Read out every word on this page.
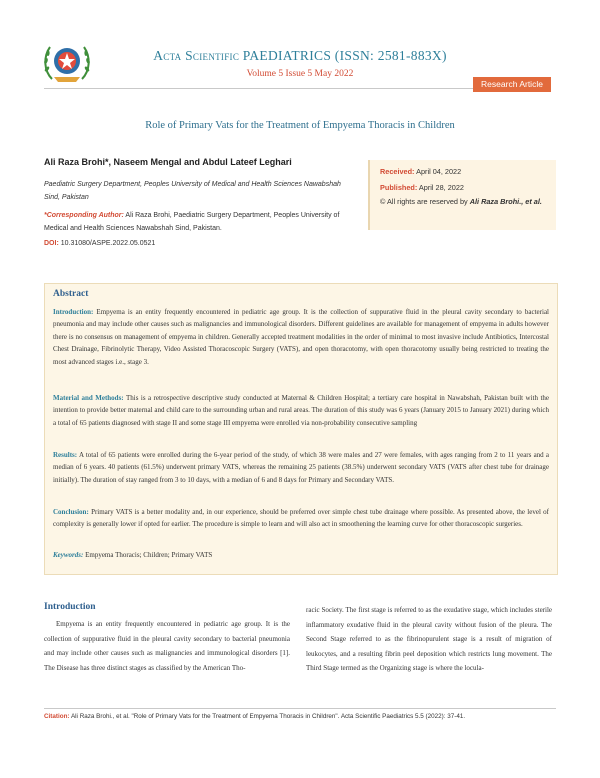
Acta Scientific PAEDIATRICS (ISSN: 2581-883X)
Volume 5 Issue 5 May 2022
Research Article
Role of Primary Vats for the Treatment of Empyema Thoracis in Children
Ali Raza Brohi*, Naseem Mengal and Abdul Lateef Leghari
Paediatric Surgery Department, Peoples University of Medical and Health Sciences Nawabshah Sind, Pakistan
*Corresponding Author: Ali Raza Brohi, Paediatric Surgery Department, Peoples University of Medical and Health Sciences Nawabshah Sind, Pakistan.
DOI: 10.31080/ASPE.2022.05.0521
Received: April 04, 2022
Published: April 28, 2022
© All rights are reserved by Ali Raza Brohi., et al.
Abstract
Introduction: Empyema is an entity frequently encountered in pediatric age group. It is the collection of suppurative fluid in the pleural cavity secondary to bacterial pneumonia and may include other causes such as malignancies and immunological disorders. Different guidelines are available for management of empyema in adults however there is no consensus on management of empyema in children. Generally accepted treatment modalities in the order of minimal to most invasive include Antibiotics, Intercostal Chest Drainage, Fibrinolytic Therapy, Video Assisted Thoracoscopic Surgery (VATS), and open thoracotomy, with open thoracotomy usually being restricted to treating the most advanced stages i.e., stage 3.
Material and Methods: This is a retrospective descriptive study conducted at Maternal & Children Hospital; a tertiary care hospital in Nawabshah, Pakistan built with the intention to provide better maternal and child care to the surrounding urban and rural areas. The duration of this study was 6 years (January 2015 to January 2021) during which a total of 65 patients diagnosed with stage II and some stage III empyema were enrolled via non-probability consecutive sampling
Results: A total of 65 patients were enrolled during the 6-year period of the study, of which 38 were males and 27 were females, with ages ranging from 2 to 11 years and a median of 6 years. 40 patients (61.5%) underwent primary VATS, whereas the remaining 25 patients (38.5%) underwent secondary VATS (VATS after chest tube for drainage initially). The duration of stay ranged from 3 to 10 days, with a median of 6 and 8 days for Primary and Secondary VATS.
Conclusion: Primary VATS is a better modality and, in our experience, should be preferred over simple chest tube drainage where possible. As presented above, the level of complexity is generally lower if opted for earlier. The procedure is simple to learn and will also act in smoothening the learning curve for other thoracoscopic surgeries.
Keywords: Empyema Thoracis; Children; Primary VATS
Introduction
Empyema is an entity frequently encountered in pediatric age group. It is the collection of suppurative fluid in the pleural cavity secondary to bacterial pneumonia and may include other causes such as malignancies and immunological disorders [1]. The Disease has three distinct stages as classified by the American Tho-
racic Society. The first stage is referred to as the exudative stage, which includes sterile inflammatory exudative fluid in the pleural cavity without fusion of the pleura. The Second Stage referred to as the fibrinopurulent stage is a result of migration of leukocytes, and a resulting fibrin peel deposition which restricts lung movement. The Third Stage termed as the Organizing stage is where the locula-
Citation: Ali Raza Brohi., et al. "Role of Primary Vats for the Treatment of Empyema Thoracis in Children". Acta Scientific Paediatrics 5.5 (2022): 37-41.
